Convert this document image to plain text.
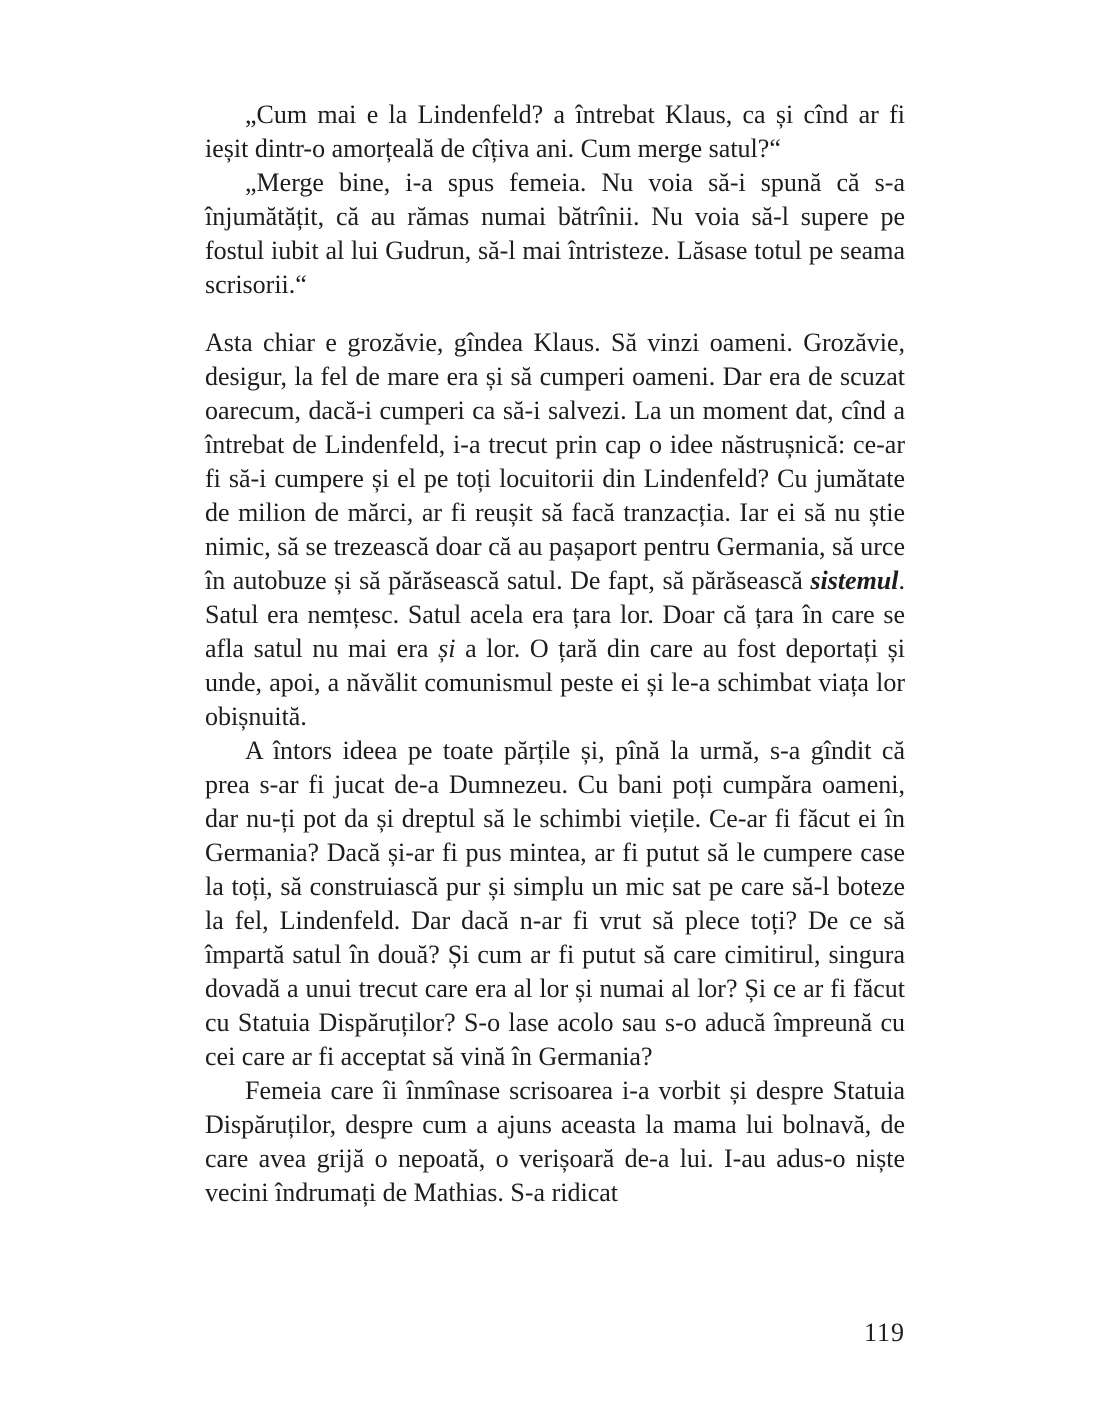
„Cum mai e la Lindenfeld? a întrebat Klaus, ca și cînd ar fi ieșit dintr-o amorțeală de cîțiva ani. Cum merge satul?“

„Merge bine, i-a spus femeia. Nu voia să-i spună că s-a înjumătățit, că au rămas numai bătrînii. Nu voia să-l supere pe fostul iubit al lui Gudrun, să-l mai întristeze. Lăsase totul pe seama scrisorii.“

Asta chiar e grozăvie, gîndea Klaus. Să vinzi oameni. Grozăvie, desigur, la fel de mare era și să cumperi oameni. Dar era de scuzat oarecum, dacă-i cumperi ca să-i salvezi. La un moment dat, cînd a întrebat de Lindenfeld, i-a trecut prin cap o idee năstrușnică: ce-ar fi să-i cumpere și el pe toți locuitorii din Lindenfeld? Cu jumătate de milion de mărci, ar fi reușit să facă tranzacția. Iar ei să nu știe nimic, să se trezească doar că au pașaport pentru Germania, să urce în autobuze și să părăsească satul. De fapt, să părăsească sistemul. Satul era nemțesc. Satul acela era țara lor. Doar că țara în care se afla satul nu mai era și a lor. O țară din care au fost deportați și unde, apoi, a năvălit comunismul peste ei și le-a schimbat viața lor obișnuită.

A întors ideea pe toate părțile și, pînă la urmă, s-a gîndit că prea s-ar fi jucat de-a Dumnezeu. Cu bani poți cumpăra oameni, dar nu-ți pot da și dreptul să le schimbi viețile. Ce-ar fi făcut ei în Germania? Dacă și-ar fi pus mintea, ar fi putut să le cumpere case la toți, să construiască pur și simplu un mic sat pe care să-l boteze la fel, Lindenfeld. Dar dacă n-ar fi vrut să plece toți? De ce să împartă satul în două? Și cum ar fi putut să care cimitirul, singura dovadă a unui trecut care era al lor și numai al lor? Și ce ar fi făcut cu Statuia Dispăruților? S-o lase acolo sau s-o aducă împreună cu cei care ar fi acceptat să vină în Germania?

Femeia care îi înmînase scrisoarea i-a vorbit și despre Statuia Dispăruților, despre cum a ajuns aceasta la mama lui bolnavă, de care avea grijă o nepoată, o verișoară de-a lui. I-au adus-o niște vecini îndrumați de Mathias. S-a ridicat

119
